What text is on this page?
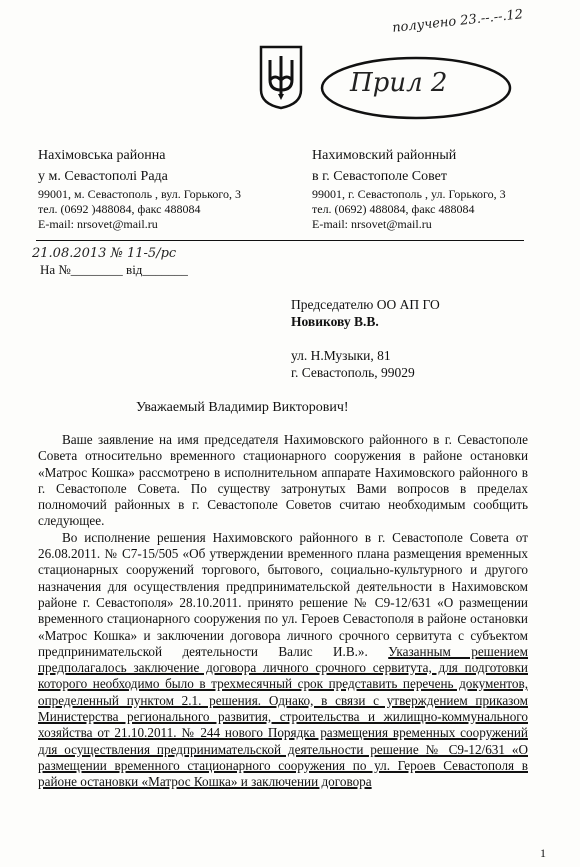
получено 23.--.--.12
Прил 2
Нахімовська районна
у м. Севастополі Рада
99001, м. Севастополь , вул. Горького, 3
тел. (0692 )488084, факс 488084
E-mail: nrsovet@mail.ru
Нахимовский районный
в г. Севастополе Совет
99001, г. Севастополь , ул. Горького, 3
тел. (0692) 488084, факс 488084
E-mail: nrsovet@mail.ru
21.08.2013 № 11-5/рс
На №________ від_______
Председателю ОО АП ГО
Новикову В.В.
ул. Н.Музыки, 81
г. Севастополь, 99029
Уважаемый Владимир Викторович!

Ваше заявление на имя председателя Нахимовского районного в г. Севастополе Совета относительно временного стационарного сооружения в районе остановки «Матрос Кошка» рассмотрено в исполнительном аппарате Нахимовского районного в г. Севастополе Совета. По существу затронутых Вами вопросов в пределах полномочий районных в г. Севастополе Советов считаю необходимым сообщить следующее.

Во исполнение решения Нахимовского районного в г. Севастополе Совета от 26.08.2011. № С7-15/505 «Об утверждении временного плана размещения временных стационарных сооружений торгового, бытового, социально-культурного и другого назначения для осуществления предпринимательской деятельности в Нахимовском районе г. Севастополя» 28.10.2011. принято решение № С9-12/631 «О размещении временного стационарного сооружения по ул. Героев Севастополя в районе остановки «Матрос Кошка» и заключении договора личного срочного сервитута с субъектом предпринимательской деятельности Валис И.В.». Указанным решением предполагалось заключение договора личного срочного сервитута, для подготовки которого необходимо было в трехмесячный срок представить перечень документов, определенный пунктом 2.1. решения. Однако, в связи с утверждением приказом Министерства регионального развития, строительства и жилищно-коммунального хозяйства от 21.10.2011. № 244 нового Порядка размещения временных сооружений для осуществления предпринимательской деятельности решение № С9-12/631 «О размещении временного стационарного сооружения по ул. Героев Севастополя в районе остановки «Матрос Кошка» и заключении договора

1
